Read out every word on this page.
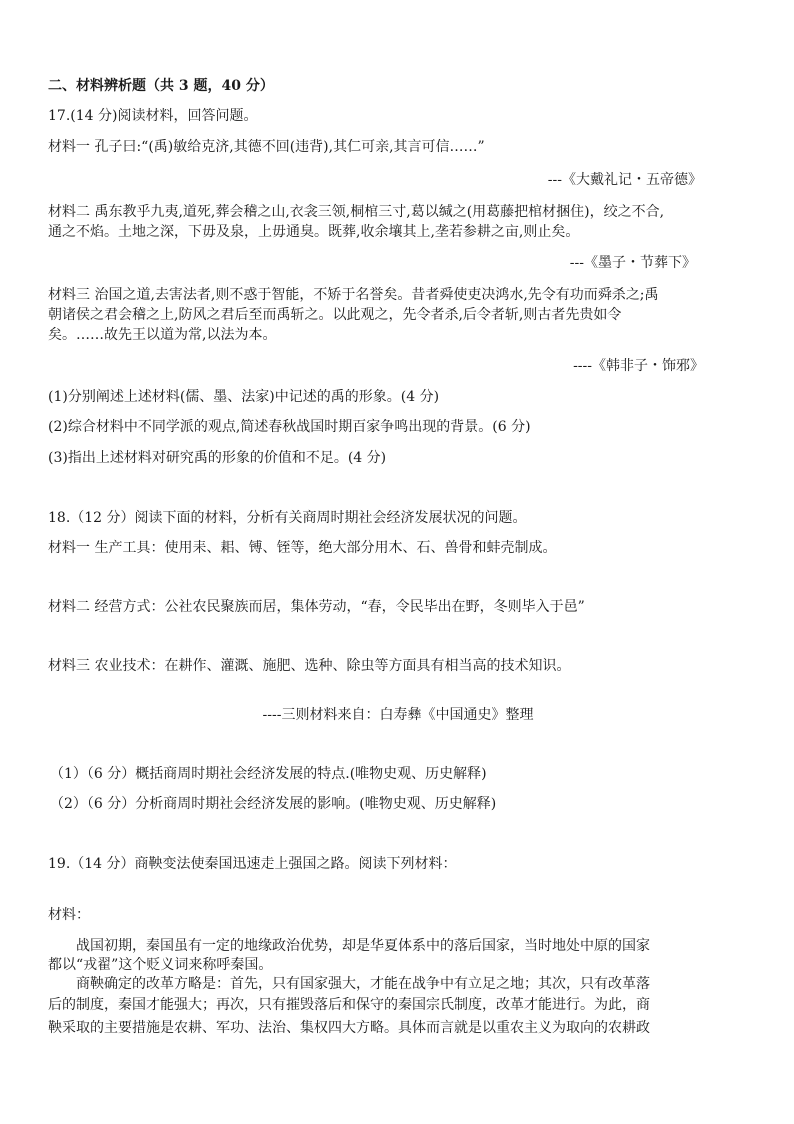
二、材料辨析题（共 3 题，40 分）
17.(14 分)阅读材料，回答问题。
材料一 孔子曰:“(禹)敏给克济,其德不回(违背),其仁可亲,其言可信……”
---《大戴礼记・五帝德》
材料二 禹东教乎九夷,道死,葬会稽之山,衣衾三领,桐棺三寸,葛以缄之(用葛藤把棺材捆住)，绞之不合,
通之不焰。土地之深，下毋及泉，上毋通臭。既葬,收余壤其上,垄若参耕之亩,则止矣。
---《墨子・节葬下》
材料三 治国之道,去害法者,则不惑于智能，不矫于名誉矣。昔者舜使吏决鸿水,先令有功而舜杀之;禹
朝诸侯之君会稽之上,防风之君后至而禹斩之。以此观之，先令者杀,后令者斩,则古者先贵如令
矣。……故先王以道为常,以法为本。
----《韩非子・饰邪》
(1)分别阐述上述材料(儒、墨、法家)中记述的禹的形象。(4 分)
(2)综合材料中不同学派的观点,简述春秋战国时期百家争鸣出现的背景。(6 分)
(3)指出上述材料对研究禹的形象的价值和不足。(4 分)
18.（12 分）阅读下面的材料，分析有关商周时期社会经济发展状况的问题。
材料一 生产工具：使用耒、耜、镈、铚等，绝大部分用木、石、兽骨和蚌壳制成。
材料二 经营方式：公社农民聚族而居，集体劳动，“春，令民毕出在野，冬则毕入于邑”
材料三 农业技术：在耕作、灌溉、施肥、选种、除虫等方面具有相当高的技术知识。
----三则材料来自：白寿彝《中国通史》整理
（1）（6 分）概括商周时期社会经济发展的特点.(唯物史观、历史解释)
（2）（6 分）分析商周时期社会经济发展的影响。(唯物史观、历史解释)
19.（14 分）商鞅变法使秦国迅速走上强国之路。阅读下列材料：
材料：
战国初期，秦国虽有一定的地缘政治优势，却是华夏体系中的落后国家，当时地处中原的国家
都以“戎翟”这个贬义词来称呼秦国。
商鞅确定的改革方略是：首先，只有国家强大，才能在战争中有立足之地；其次，只有改革落
后的制度，秦国才能强大；再次，只有摧毁落后和保守的秦国宗氏制度，改革才能进行。为此，商
鞅采取的主要措施是农耕、军功、法治、集权四大方略。具体而言就是以重农主义为取向的农耕政
